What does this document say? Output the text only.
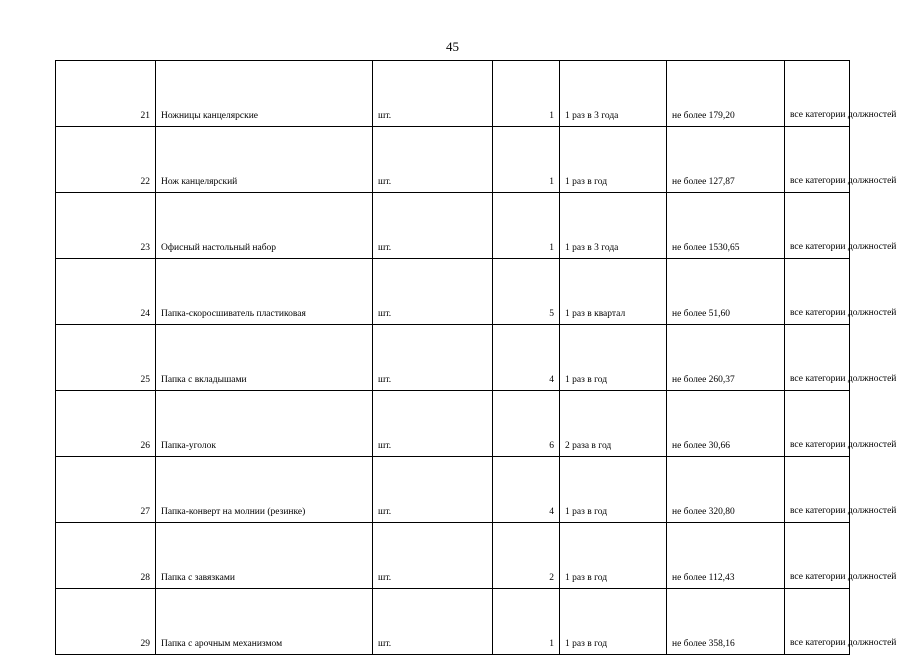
45
21	Ножницы канцелярские	шт.	1	1 раз в 3 года	не более 179,20	все категории должностей
22	Нож канцелярский	шт.	1	1 раз в год	не более 127,87	все категории должностей
23	Офисный настольный набор	шт.	1	1 раз в 3 года	не более 1530,65	все категории должностей
24	Папка-скоросшиватель пластиковая	шт.	5	1 раз в квартал	не более 51,60	все категории должностей
25	Папка с вкладышами	шт.	4	1 раз в год	не более 260,37	все категории должностей
26	Папка-уголок	шт.	6	2 раза в год	не более 30,66	все категории должностей
27	Папка-конверт на молнии (резинке)	шт.	4	1 раз в год	не более 320,80	все категории должностей
28	Папка с завязками	шт.	2	1 раз в год	не более 112,43	все категории должностей
29	Папка с арочным механизмом	шт.	1	1 раз в год	не более 358,16	все категории должностей
